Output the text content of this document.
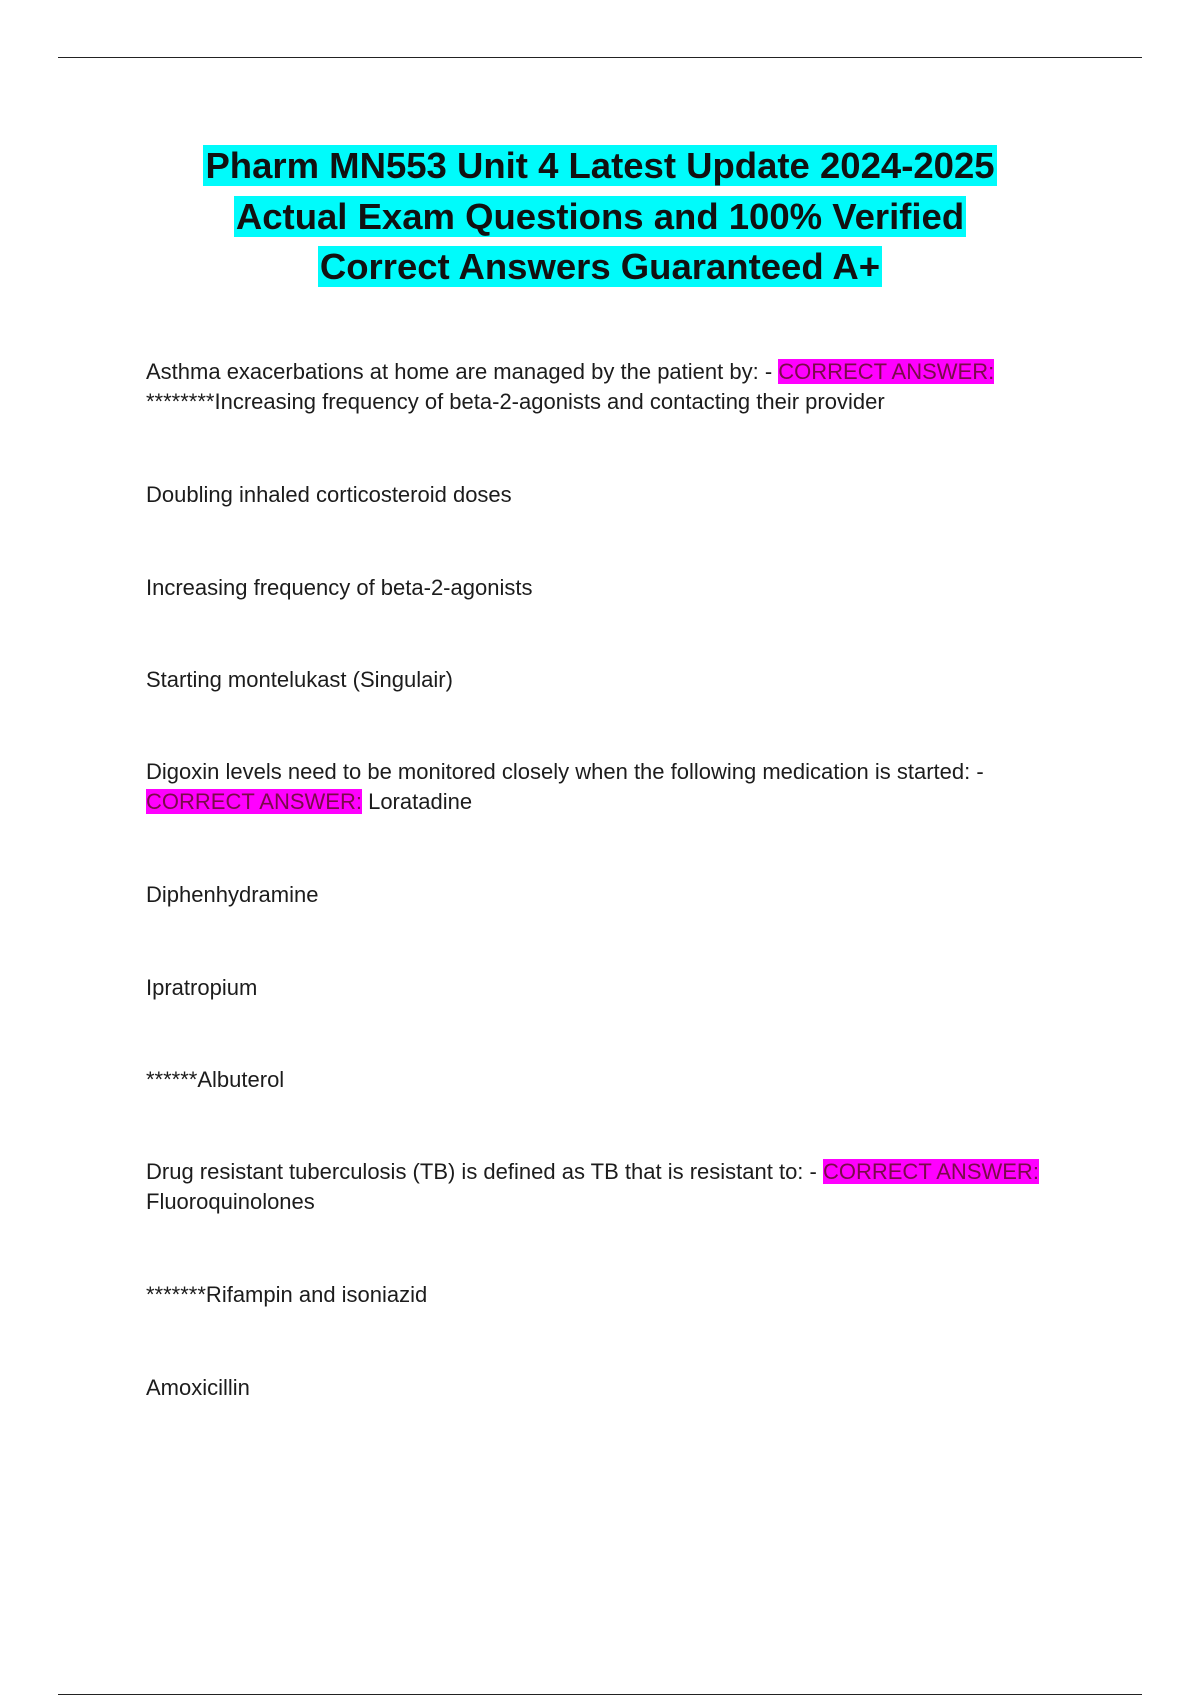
Pharm MN553 Unit 4 Latest Update 2024-2025
Actual Exam Questions and 100% Verified
Correct Answers Guaranteed A+
Asthma exacerbations at home are managed by the patient by: - CORRECT ANSWER:
********Increasing frequency of beta-2-agonists and contacting their provider
Doubling inhaled corticosteroid doses
Increasing frequency of beta-2-agonists
Starting montelukast (Singulair)
Digoxin levels need to be monitored closely when the following medication is started: -
CORRECT ANSWER: Loratadine
Diphenhydramine
Ipratropium
******Albuterol
Drug resistant tuberculosis (TB) is defined as TB that is resistant to: - CORRECT ANSWER: Fluoroquinolones
*******Rifampin and isoniazid
Amoxicillin
